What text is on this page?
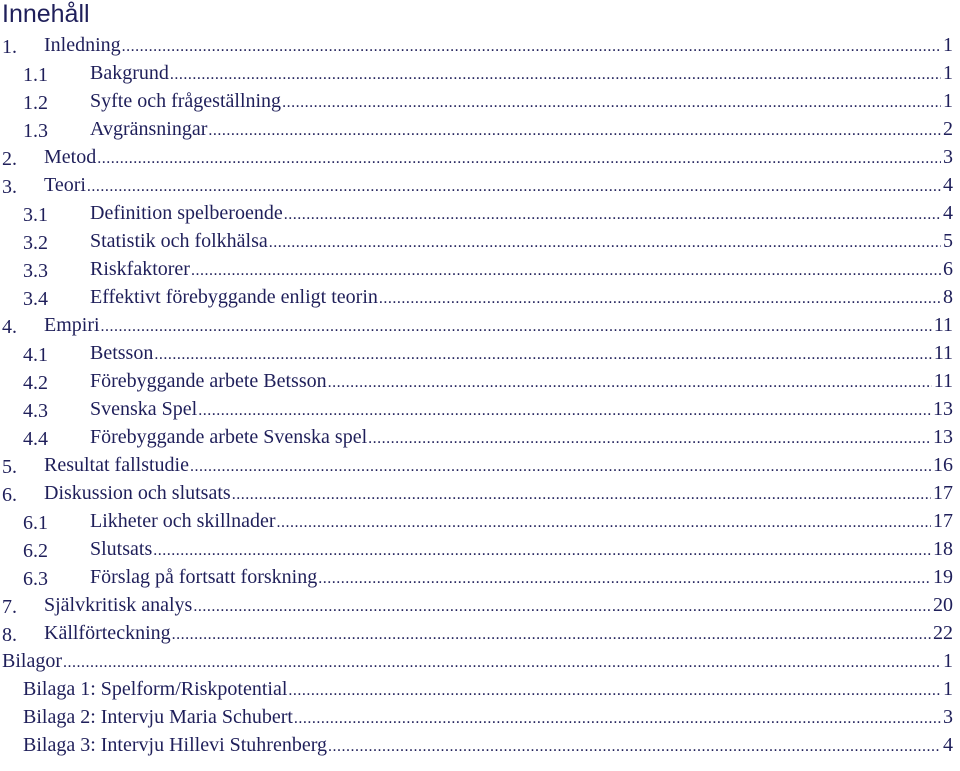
Innehåll
1. Inledning .....	1
1.1 Bakgrund .....	1
1.2 Syfte och frågeställning .....	1
1.3 Avgränsningar .....	2
2. Metod .....	3
3. Teori .....	4
3.1 Definition spelberoende .....	4
3.2 Statistik och folkhälsa .....	5
3.3 Riskfaktorer .....	6
3.4 Effektivt förebyggande enligt teorin .....	8
4. Empiri .....	11
4.1 Betsson .....	11
4.2 Förebyggande arbete Betsson .....	11
4.3 Svenska Spel .....	13
4.4 Förebyggande arbete Svenska spel .....	13
5. Resultat fallstudie .....	16
6. Diskussion och slutsats .....	17
6.1 Likheter och skillnader .....	17
6.2 Slutsats .....	18
6.3 Förslag på fortsatt forskning .....	19
7. Självkritisk analys .....	20
8. Källförteckning .....	22
Bilagor .....	1
Bilaga 1: Spelform/Riskpotential .....	1
Bilaga 2: Intervju Maria Schubert .....	3
Bilaga 3: Intervju Hillevi Stuhrenberg .....	4
